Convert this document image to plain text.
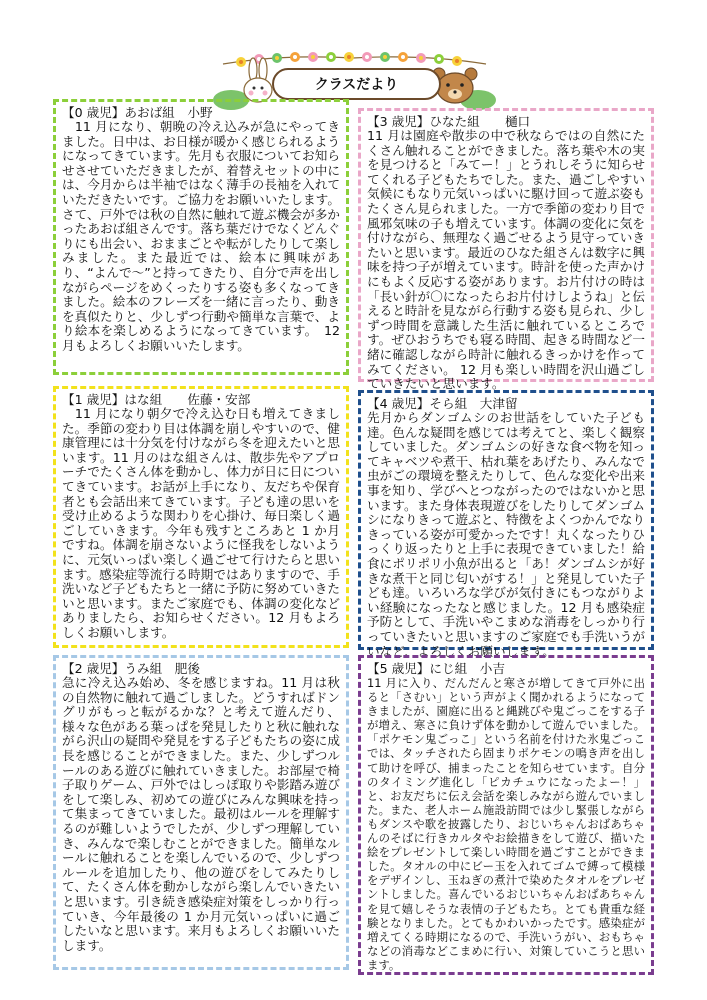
クラスだより

【0 歳児】あおば組　小野

　11 月になり、朝晩の冷え込みが急にやってきました。日中は、お日様が暖かく感じられるようになってきています。先月も衣服についてお知らせさせていただきましたが、着替えセットの中には、今月からは半袖ではなく薄手の長袖を入れていただきたいです。ご協力をお願いいたします。さて、戸外では秋の自然に触れて遊ぶ機会が多かったあおば組さんです。落ち葉だけでなくどんぐりにも出会い、おままごとや転がしたりして楽しみました。また最近では、絵本に興味があり、“よんで～”と持ってきたり、自分で声を出しながらページをめくったりする姿も多くなってきました。絵本のフレーズを一緒に言ったり、動きを真似たりと、少しずつ行動や簡単な言葉で、より絵本を楽しめるようになってきています。　12 月もよろしくお願いいたします。

【3 歳児】ひなた組　　樋口

11 月は園庭や散歩の中で秋ならではの自然にたくさん触れることができました。落ち葉や木の実を見つけると「みてー！」とうれしそうに知らせてくれる子どもたちでした。また、過ごしやすい気候にもなり元気いっぱいに駆け回って遊ぶ姿もたくさん見られました。一方で季節の変わり目で風邪気味の子も増えています。体調の変化に気を付けながら、無理なく過ごせるよう見守っていきたいと思います。最近のひなた組さんは数字に興味を持つ子が増えています。時計を使った声かけにもよく反応する姿があります。お片付けの時は「長い針が〇になったらお片付けしようね」と伝えると時計を見ながら行動する姿も見られ、少しずつ時間を意識した生活に触れているところです。ぜひおうちでも寝る時間、起きる時間など一緒に確認しながら時計に触れるきっかけを作ってみてください。 12 月も楽しい時間を沢山過ごしていきたいと思います。

【1 歳児】はな組　　佐藤・安部

　11 月になり朝夕で冷え込む日も増えてきました。季節の変わり目は体調を崩しやすいので、健康管理には十分気を付けながら冬を迎えたいと思います。11 月のはな組さんは、散歩先やアプローチでたくさん体を動かし、体力が日に日についてきています。お話が上手になり、友だちや保育者とも会話出来てきています。子ども達の思いを受け止めるような関わりを心掛け、毎日楽しく過ごしていきます。今年も残すところあと 1 か月ですね。体調を崩さないように怪我をしないように、元気いっぱい楽しく過ごせて行けたらと思います。感染症等流行る時期ではありますので、手洗いなど子どもたちと一緒に予防に努めていきたいと思います。またご家庭でも、体調の変化などありましたら、お知らせください。12 月もよろしくお願いします。

【4 歳児】そら組　大津留

先月からダンゴムシのお世話をしていた子ども達。色んな疑問を感じては考えてと、楽しく観察していました。ダンゴムシの好きな食べ物を知ってキャベツや煮干、枯れ葉をあげたり、みんなで虫がごの環境を整えたりして、色んな変化や出来事を知り、学びへとつながったのではないかと思います。また身体表現遊びをしたりしてダンゴムシになりきって遊ぶと、特徴をよくつかんでなりきっている姿が可愛かったです！丸くなったりひっくり返ったりと上手に表現できていました！給食にポリポリ小魚が出ると「あ！ダンゴムシが好きな煮干と同じ匂いがする！」と発見していた子ども達。いろいろな学びが気付きにもつながりよい経験になったなと感じました。12 月も感染症予防として、手洗いやこまめな消毒をしっかり行っていきたいと思いますのご家庭でも手洗いうがいなど、よろしくお願いします。

【2 歳児】うみ組　肥後

急に冷え込み始め、冬を感じますね。11 月は秋の自然物に触れて過ごしました。どうすればドングリがもっと転がるかな？と考えて遊んだり、様々な色がある葉っぱを発見したりと秋に触れながら沢山の疑問や発見をする子どもたちの姿に成長を感じることができました。また、少しずつルールのある遊びに触れていきました。お部屋で椅子取りゲーム、戸外ではしっぽ取りや影踏み遊びをして楽しみ、初めての遊びにみんな興味を持って集まってきていました。最初はルールを理解するのが難しいようでしたが、少しずつ理解していき、みんなで楽しむことができました。簡単なルールに触れることを楽しんでいるので、少しずつルールを追加したり、他の遊びをしてみたりして、たくさん体を動かしながら楽しんでいきたいと思います。引き続き感染症対策をしっかり行っていき、今年最後の 1 か月元気いっぱいに過ごしたいなと思います。来月もよろしくお願いいたします。

【5 歳児】にじ組　小吉

11 月に入り、だんだんと寒さが増してきて戸外に出ると「さむい」という声がよく聞かれるようになってきましたが、園庭に出ると縄跳びや鬼ごっこをする子が増え、寒さに負けず体を動かして遊んでいました。「ポケモン鬼ごっこ」という名前を付けた氷鬼ごっこでは、タッチされたら固まりポケモンの鳴き声を出して助けを呼び、捕まったことを知らせています。自分のタイミング進化し「ピカチュウになったよー！」と、お友だちに伝え会話を楽しみながら遊んでいました。また、老人ホーム施設訪問では少し緊張しながらもダンスや歌を披露したり、おじいちゃんおばあちゃんのそばに行きカルタやお絵描きをして遊び、描いた絵をプレゼントして楽しい時間を過ごすことができました。タオルの中にビー玉を入れてゴムで縛って模様をデザインし、玉ねぎの煮汁で染めたタオルをプレゼントしました。喜んでいるおじいちゃんおばあちゃんを見て嬉しそうな表情の子どもたち。とても貴重な経験となりました。とてもかわいかったです。感染症が増えてくる時期になるので、手洗いうがい、おもちゃなどの消毒などこまめに行い、対策していこうと思います。
